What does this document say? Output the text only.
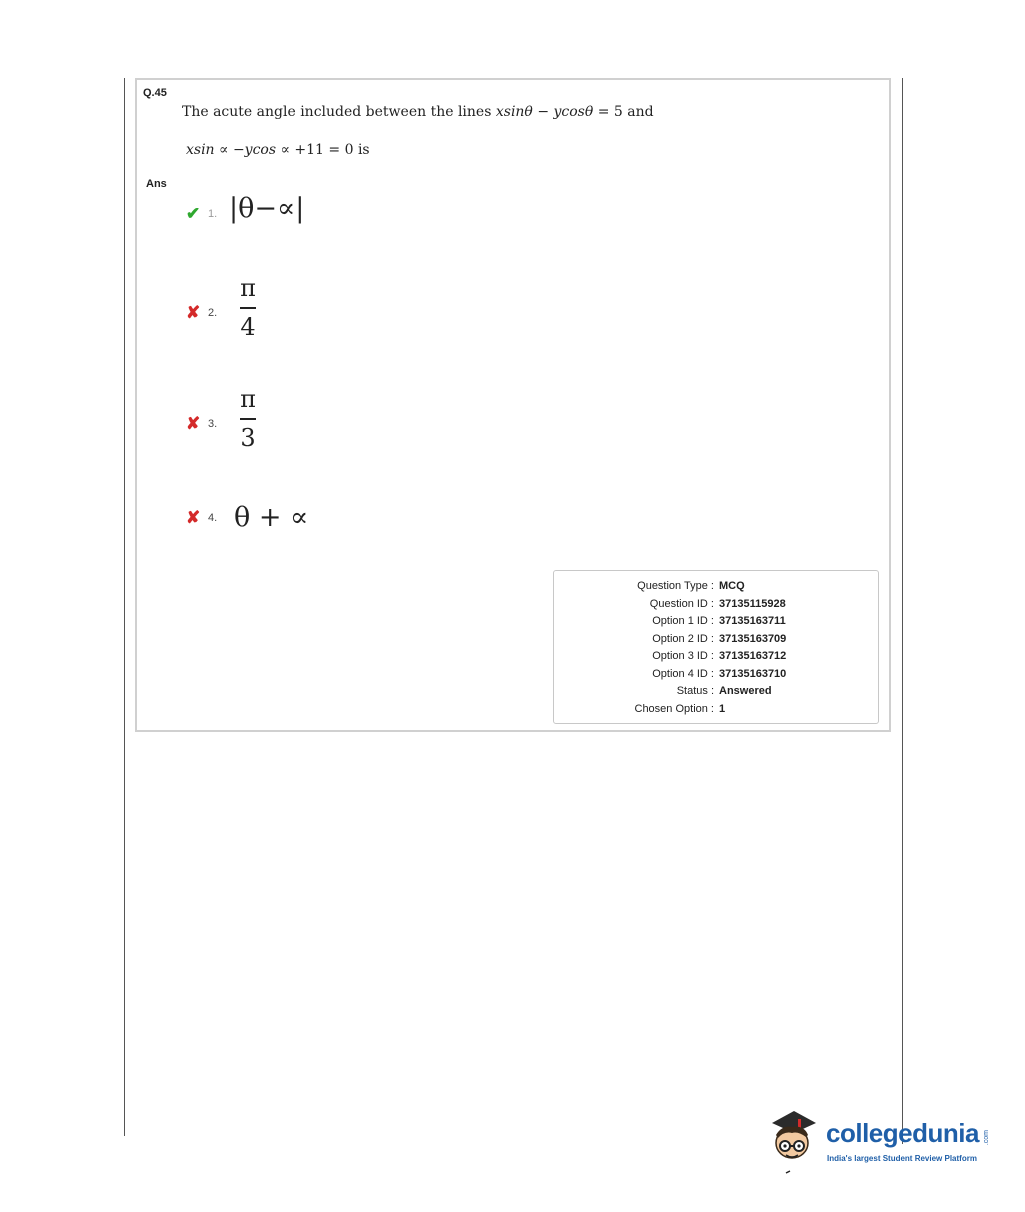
Q.45
The acute angle included between the lines xsinθ − ycosθ = 5 and
xsin ∝ −ycos ∝ +11 = 0 is
Ans
✔ 1. |θ−∝|
✘ 2.
π
4
✘ 3.
π
3
✘ 4. θ + ∝
Question Type : MCQ
Question ID : 37135115928
Option 1 ID : 37135163711
Option 2 ID : 37135163709
Option 3 ID : 37135163712
Option 4 ID : 37135163710
Status : Answered
Chosen Option : 1
collegedunia .com
India's largest Student Review Platform
